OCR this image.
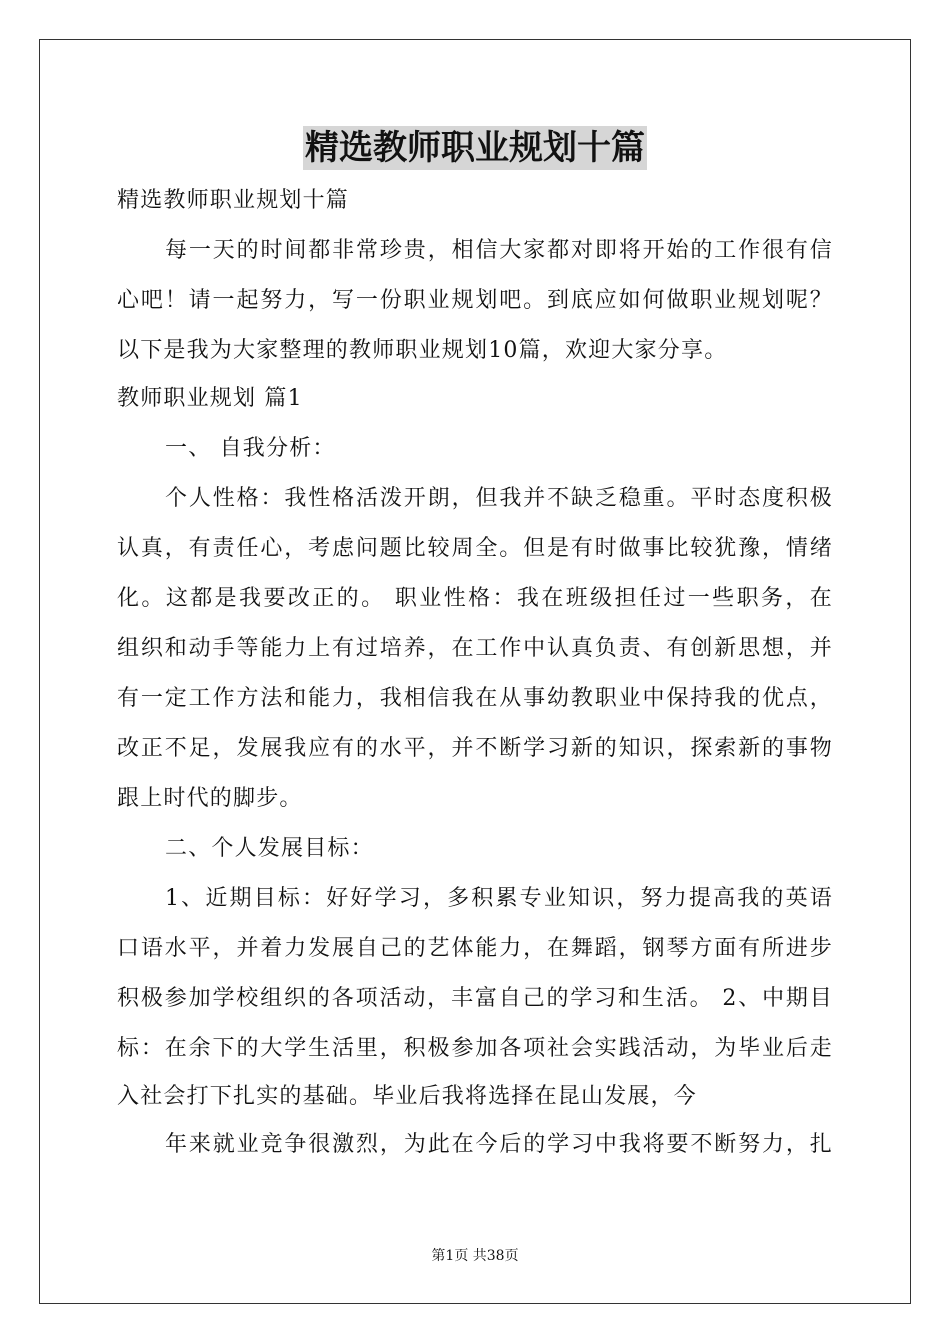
精选教师职业规划十篇
精选教师职业规划十篇
每一天的时间都非常珍贵，相信大家都对即将开始的工作很有信
心吧！请一起努力，写一份职业规划吧。到底应如何做职业规划呢？
以下是我为大家整理的教师职业规划10篇，欢迎大家分享。
教师职业规划 篇1
一、 自我分析：
个人性格：我性格活泼开朗，但我并不缺乏稳重。平时态度积极
认真，有责任心，考虑问题比较周全。但是有时做事比较犹豫，情绪
化。这都是我要改正的。 职业性格：我在班级担任过一些职务，在
组织和动手等能力上有过培养，在工作中认真负责、有创新思想，并
有一定工作方法和能力，我相信我在从事幼教职业中保持我的优点，
改正不足，发展我应有的水平，并不断学习新的知识，探索新的事物
跟上时代的脚步。
二、个人发展目标：
1、近期目标：好好学习，多积累专业知识，努力提高我的英语
口语水平，并着力发展自己的艺体能力，在舞蹈，钢琴方面有所进步
积极参加学校组织的各项活动，丰富自己的学习和生活。 2、中期目
标：在余下的大学生活里，积极参加各项社会实践活动，为毕业后走
入社会打下扎实的基础。毕业后我将选择在昆山发展，今
年来就业竞争很激烈，为此在今后的学习中我将要不断努力，扎
第1页 共38页
